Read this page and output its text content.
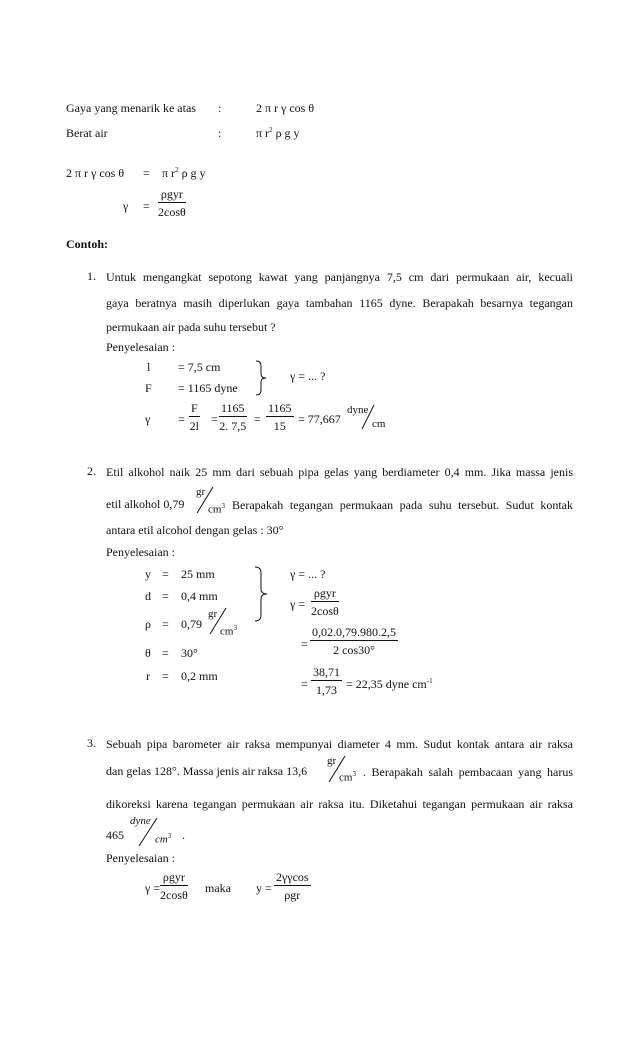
Gaya yang menarik ke atas :	2 π r γ cos θ
Berat air	:	π $r^2$ ρ g y
2 π r γ cos θ = π $r^2$ ρ g y
γ =
ρgyr
2cosθ
Contoh:
1. Untuk mengangkat sepotong kawat yang panjangnya 7,5 cm dari permukaan air, kecuali
gaya beratnya masih diperlukan gaya tambahan 1165 dyne. Berapakah besarnya tegangan
permukaan air pada suhu tersebut ?
Penyelesaian :
l = 7,5 cm
F = 1165 dyne
γ = ... ?
$\gamma = \frac{F}{2l} = \frac{1165}{2. 7,5} = \frac{1165}{15} = 77,667$
dyne
cm
2. Etil alkohol naik 25 mm dari sebuah pipa gelas yang berdiameter 0,4 mm. Jika massa jenis
etil alkohol 0,79
gr
$cm^3$ Berapakah tegangan permukaan pada suhu tersebut. Sudut kontak
antara etil alcohol dengan gelas : 30°
Penyelesaian :
y = 25 mm
d = 0,4 mm
ρ = 0,79
gr
$cm^3$
θ = 30°
r = 0,2 mm
γ = ... ?
γ =
ρgyr
2cosθ
= $\frac{0,02.0,79.980.2,5}{2 \cos 30^\circ}$
= $\frac{38,71}{1,73} = 22,35$ dyne $cm^{-1}$
3. Sebuah pipa barometer air raksa mempunyai diameter 4 mm. Sudut kontak antara air raksa
dan gelas 128°. Massa jenis air raksa 13,6
gr
$cm^3$ . Berapakah salah pembacaan yang harus
dikoreksi karena tegangan permukaan air raksa itu. Diketahui tegangan permukaan air raksa
465
dyne
$cm^3$ .
Penyelesaian :
γ =
ρgyr
2cosθ maka y =
2γγcos
ρgr
